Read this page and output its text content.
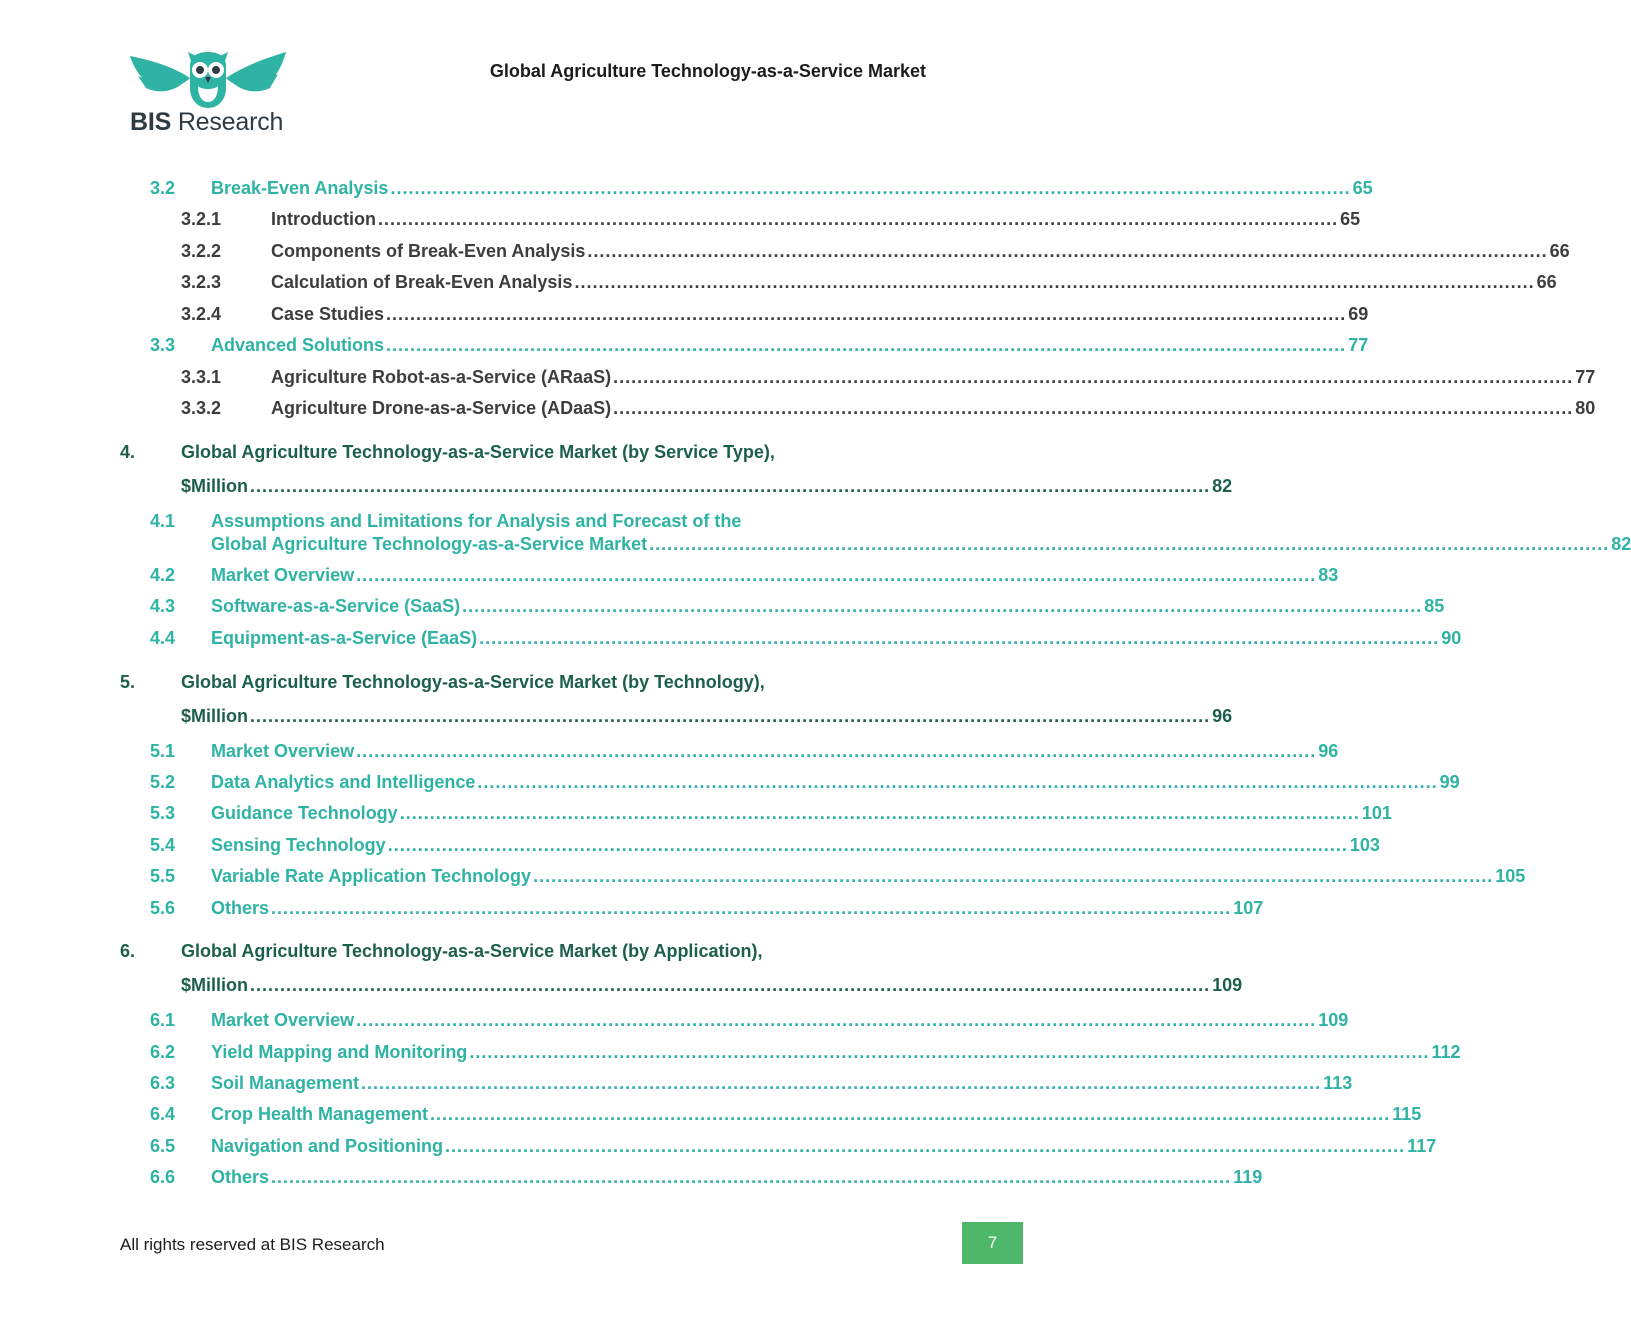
BIS Research
Global Agriculture Technology-as-a-Service Market
3.2	Break-Even Analysis ................................................................................................................................................................ 65
3.2.1	Introduction ................................................................................................................................................................ 65
3.2.2	Components of Break-Even Analysis ................................................................................................................................................................ 66
3.2.3	Calculation of Break-Even Analysis ................................................................................................................................................................ 66
3.2.4	Case Studies ................................................................................................................................................................ 69
3.3	Advanced Solutions ................................................................................................................................................................ 77
3.3.1	Agriculture Robot-as-a-Service (ARaaS) ................................................................................................................................................................ 77
3.3.2	Agriculture Drone-as-a-Service (ADaaS) ................................................................................................................................................................ 80
4.	Global Agriculture Technology-as-a-Service Market (by Service Type),
$Million ................................................................................................................................................................ 82
4.1	Assumptions and Limitations for Analysis and Forecast of the
Global Agriculture Technology-as-a-Service Market ................................................................................................................................................................ 82
4.2	Market Overview ................................................................................................................................................................ 83
4.3	Software-as-a-Service (SaaS) ................................................................................................................................................................ 85
4.4	Equipment-as-a-Service (EaaS) ................................................................................................................................................................ 90
5.	Global Agriculture Technology-as-a-Service Market (by Technology),
$Million ................................................................................................................................................................ 96
5.1	Market Overview ................................................................................................................................................................ 96
5.2	Data Analytics and Intelligence ................................................................................................................................................................ 99
5.3	Guidance Technology ................................................................................................................................................................ 101
5.4	Sensing Technology ................................................................................................................................................................ 103
5.5	Variable Rate Application Technology ................................................................................................................................................................ 105
5.6	Others ................................................................................................................................................................ 107
6.	Global Agriculture Technology-as-a-Service Market (by Application),
$Million ................................................................................................................................................................ 109
6.1	Market Overview ................................................................................................................................................................ 109
6.2	Yield Mapping and Monitoring ................................................................................................................................................................ 112
6.3	Soil Management ................................................................................................................................................................ 113
6.4	Crop Health Management ................................................................................................................................................................ 115
6.5	Navigation and Positioning ................................................................................................................................................................ 117
6.6	Others ................................................................................................................................................................ 119
All rights reserved at BIS Research	7
